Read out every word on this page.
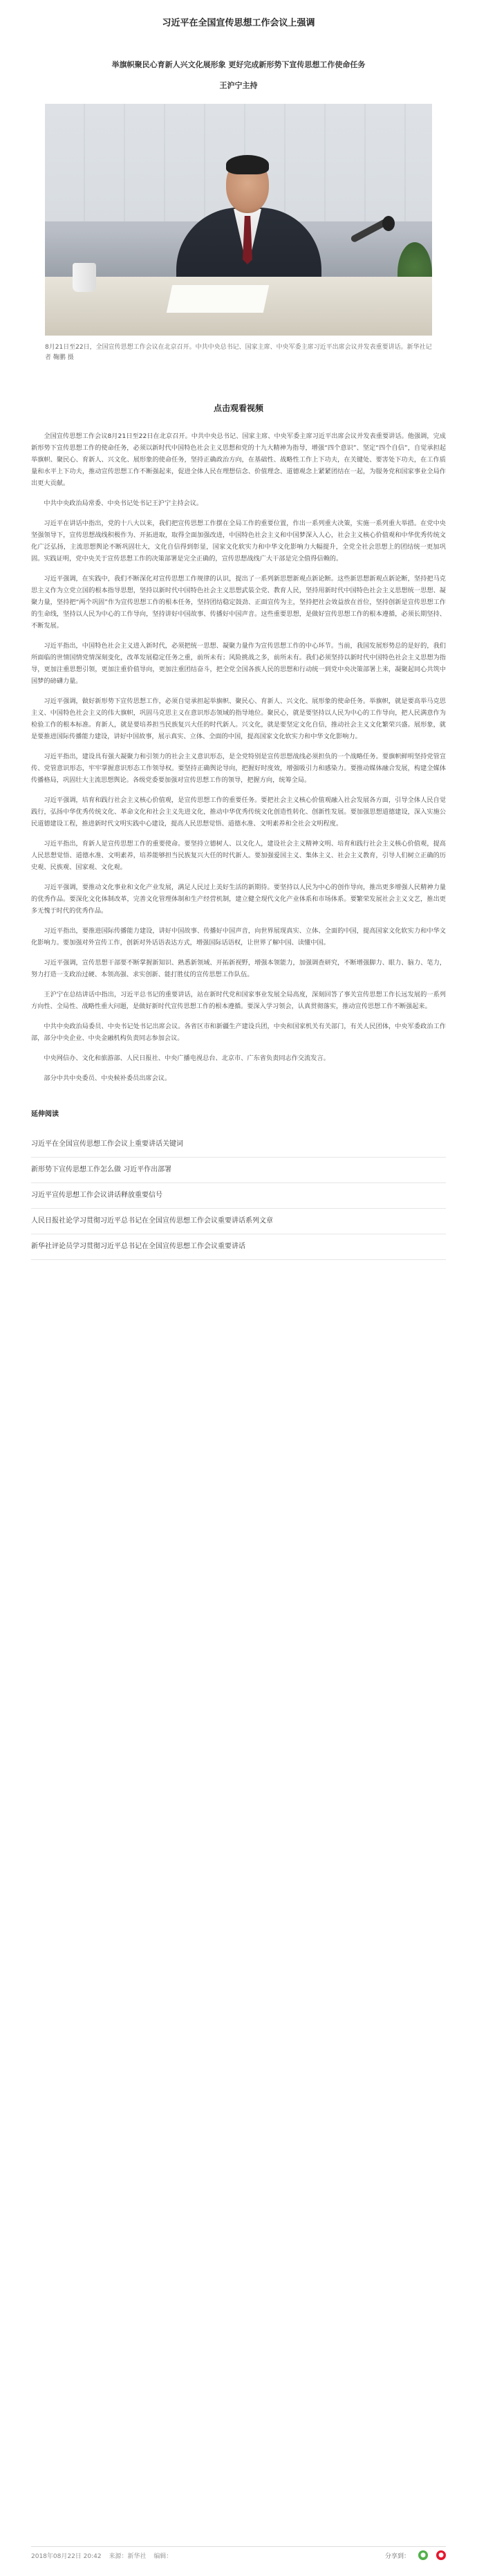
习近平在全国宣传思想工作会议上强调
举旗帜聚民心育新人兴文化展形象 更好完成新形势下宣传思想工作使命任务
王沪宁主持
8月21日至22日，全国宣传思想工作会议在北京召开。中共中央总书记、国家主席、中央军委主席习近平出席会议并发表重要讲话。新华社记者 鞠鹏 摄
点击观看视频

全国宣传思想工作会议8月21日至22日在北京召开。中共中央总书记、国家主席、中央军委主席习近平出席会议并发表重要讲话。他强调，完成新形势下宣传思想工作的使命任务，必须以新时代中国特色社会主义思想和党的十九大精神为指导，增强“四个意识”、坚定“四个自信”，自觉承担起举旗帜、聚民心、育新人、兴文化、展形象的使命任务，坚持正确政治方向，在基础性、战略性工作上下功夫，在关键处、要害处下功夫，在工作质量和水平上下功夫，推动宣传思想工作不断强起来，促进全体人民在理想信念、价值理念、道德观念上紧紧团结在一起，为服务党和国家事业全局作出更大贡献。

中共中央政治局常委、中央书记处书记王沪宁主持会议。

习近平在讲话中指出，党的十八大以来，我们把宣传思想工作摆在全局工作的重要位置，作出一系列重大决策，实施一系列重大举措。在党中央坚强领导下，宣传思想战线积极作为、开拓进取，取得全面加强改进，中国特色社会主义和中国梦深入人心，社会主义核心价值观和中华优秀传统文化广泛弘扬，主流思想舆论不断巩固壮大，文化自信得到彰显，国家文化软实力和中华文化影响力大幅提升，全党全社会思想上的团结统一更加巩固。实践证明，党中央关于宣传思想工作的决策部署是完全正确的，宣传思想战线广大干部是完全值得信赖的。

习近平强调，在实践中，我们不断深化对宣传思想工作规律的认识，提出了一系列新思想新观点新论断。这些新思想新观点新论断，坚持把马克思主义作为立党立国的根本指导思想，坚持以新时代中国特色社会主义思想武装全党、教育人民，坚持用新时代中国特色社会主义思想统一思想、凝聚力量，坚持把“两个巩固”作为宣传思想工作的根本任务，坚持团结稳定鼓劲、正面宣传为主，坚持把社会效益放在首位，坚持创新是宣传思想工作的生命线，坚持以人民为中心的工作导向，坚持讲好中国故事、传播好中国声音。这些重要思想，是做好宣传思想工作的根本遵循，必须长期坚持、不断发展。

习近平指出，中国特色社会主义进入新时代，必须把统一思想、凝聚力量作为宣传思想工作的中心环节。当前，我国发展形势总的是好的，我们所面临的世情国情党情深刻变化，改革发展稳定任务之重，前所未有；风险挑战之多，前所未有。我们必须坚持以新时代中国特色社会主义思想为指导，更加注重思想引领，更加注重价值导向，更加注重团结奋斗，把全党全国各族人民的思想和行动统一到党中央决策部署上来，凝聚起同心共筑中国梦的磅礴力量。

习近平强调，做好新形势下宣传思想工作，必须自觉承担起举旗帜、聚民心、育新人、兴文化、展形象的使命任务。举旗帜，就是要高举马克思主义、中国特色社会主义的伟大旗帜，巩固马克思主义在意识形态领域的指导地位。聚民心，就是要坚持以人民为中心的工作导向，把人民满意作为检验工作的根本标准。育新人，就是要培养担当民族复兴大任的时代新人。兴文化，就是要坚定文化自信，推动社会主义文化繁荣兴盛。展形象，就是要推进国际传播能力建设，讲好中国故事，展示真实、立体、全面的中国，提高国家文化软实力和中华文化影响力。

习近平指出，建设具有强大凝聚力和引领力的社会主义意识形态，是全党特别是宣传思想战线必须担负的一个战略任务。要旗帜鲜明坚持党管宣传、党管意识形态，牢牢掌握意识形态工作领导权。要坚持正确舆论导向，把握好时度效，增强吸引力和感染力。要推动媒体融合发展，构建全媒体传播格局，巩固壮大主流思想舆论。各级党委要加强对宣传思想工作的领导，把握方向，统筹全局。

习近平强调，培育和践行社会主义核心价值观，是宣传思想工作的重要任务。要把社会主义核心价值观融入社会发展各方面，引导全体人民自觉践行，弘扬中华优秀传统文化、革命文化和社会主义先进文化，推动中华优秀传统文化创造性转化、创新性发展。要加强思想道德建设，深入实施公民道德建设工程，推进新时代文明实践中心建设，提高人民思想觉悟、道德水准、文明素养和全社会文明程度。

习近平指出，育新人是宣传思想工作的重要使命。要坚持立德树人、以文化人，建设社会主义精神文明、培育和践行社会主义核心价值观，提高人民思想觉悟、道德水准、文明素养，培养能够担当民族复兴大任的时代新人。要加强爱国主义、集体主义、社会主义教育，引导人们树立正确的历史观、民族观、国家观、文化观。

习近平强调，要推动文化事业和文化产业发展，满足人民过上美好生活的新期待。要坚持以人民为中心的创作导向，推出更多增强人民精神力量的优秀作品。要深化文化体制改革，完善文化管理体制和生产经营机制，建立健全现代文化产业体系和市场体系。要繁荣发展社会主义文艺，推出更多无愧于时代的优秀作品。

习近平指出，要推进国际传播能力建设，讲好中国故事、传播好中国声音，向世界展现真实、立体、全面的中国，提高国家文化软实力和中华文化影响力。要加强对外宣传工作，创新对外话语表达方式，增强国际话语权，让世界了解中国、读懂中国。

习近平强调，宣传思想干部要不断掌握新知识、熟悉新领域、开拓新视野，增强本领能力，加强调查研究，不断增强脚力、眼力、脑力、笔力，努力打造一支政治过硬、本领高强、求实创新、能打胜仗的宣传思想工作队伍。

王沪宁在总结讲话中指出，习近平总书记的重要讲话，站在新时代党和国家事业发展全局高度，深刻回答了事关宣传思想工作长远发展的一系列方向性、全局性、战略性重大问题，是做好新时代宣传思想工作的根本遵循。要深入学习领会，认真贯彻落实，推动宣传思想工作不断强起来。

中共中央政治局委员、中央书记处书记出席会议。各省区市和新疆生产建设兵团，中央和国家机关有关部门，有关人民团体，中央军委政治工作部，部分中央企业、中央金融机构负责同志参加会议。

中央网信办、文化和旅游部、人民日报社、中央广播电视总台、北京市、广东省负责同志作交流发言。

部分中共中央委员、中央候补委员出席会议。

延伸阅读
习近平在全国宣传思想工作会议上重要讲话关键词
新形势下宣传思想工作怎么做 习近平作出部署
习近平宣传思想工作会议讲话释放重要信号
人民日报社论学习贯彻习近平总书记在全国宣传思想工作会议重要讲话系列文章
新华社评论员学习贯彻习近平总书记在全国宣传思想工作会议重要讲话
2018年08月22日 20:42 来源：新华社 编辑：	分享到：	●	●
